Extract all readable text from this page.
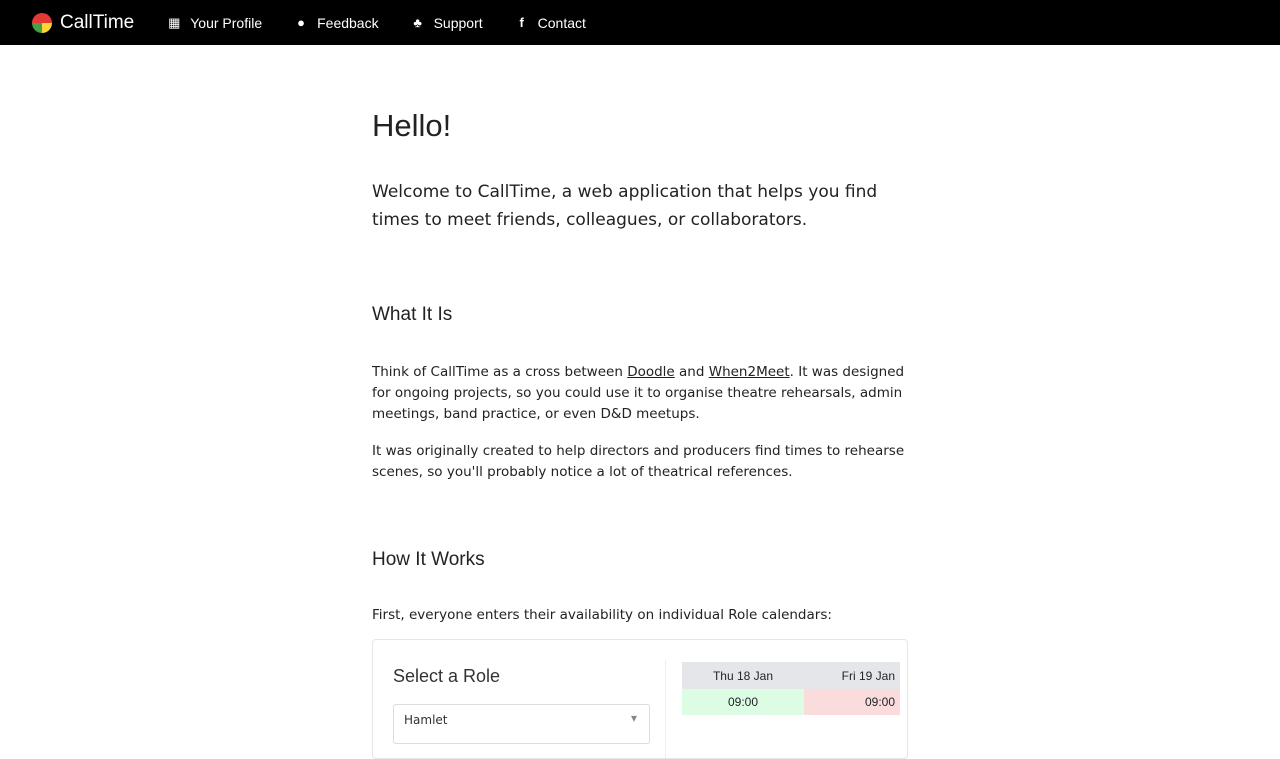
CallTime	▦ Your Profile	● Feedback	♣ Support	f Contact
Hello!

Welcome to CallTime, a web application that helps you find times to meet friends, colleagues, or collaborators.

What It Is

Think of CallTime as a cross between Doodle and When2Meet. It was designed for ongoing projects, so you could use it to organise theatre rehearsals, admin meetings, band practice, or even D&D meetups.

It was originally created to help directors and producers find times to rehearse scenes, so you'll probably notice a lot of theatrical references.

How It Works

First, everyone enters their availability on individual Role calendars:

Select a Role
Hamlet	▾
Thu 18 Jan	Fri 19 Jan
09:00	09:00
